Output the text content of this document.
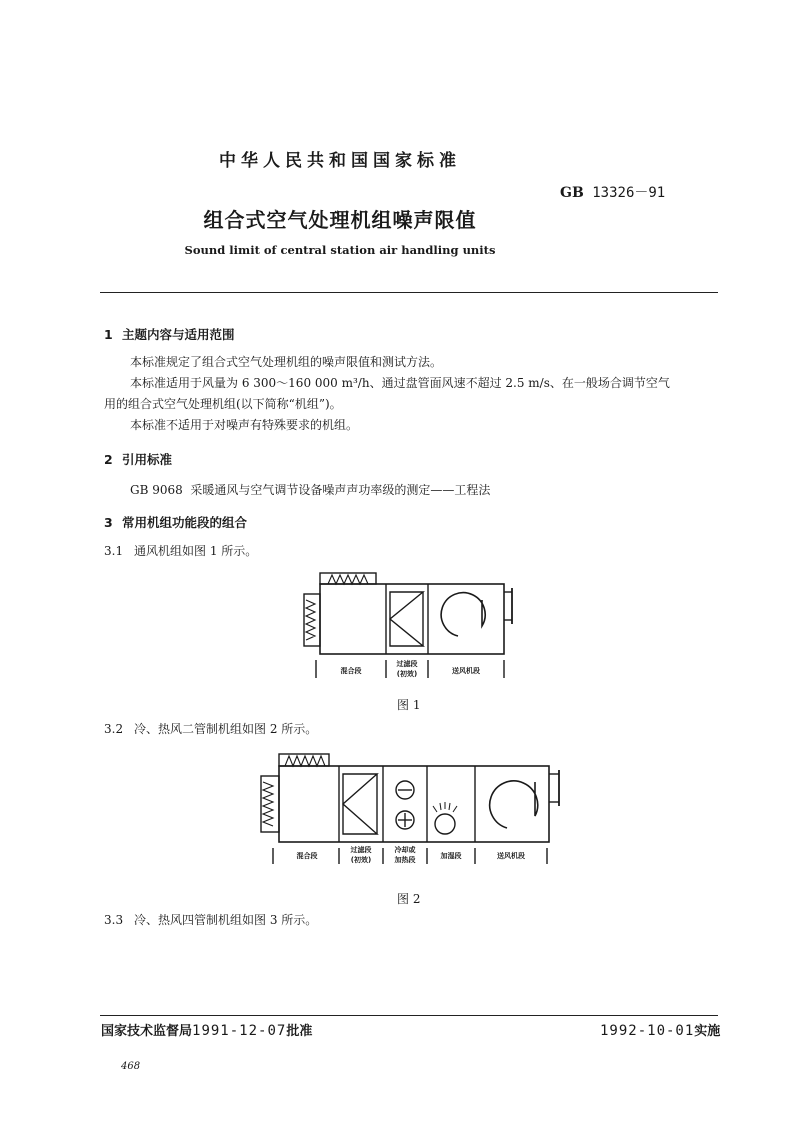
中华人民共和国国家标准
GB 13326－91
组合式空气处理机组噪声限值
Sound limit of central station air handling units
1 主题内容与适用范围
本标准规定了组合式空气处理机组的噪声限值和测试方法。
本标准适用于风量为 6 300～160 000 m³/h、通过盘管面风速不超过 2.5 m/s、在一般场合调节空气
用的组合式空气处理机组(以下简称“机组”)。
本标准不适用于对噪声有特殊要求的机组。
2 引用标准
GB 9068 采暖通风与空气调节设备噪声声功率级的测定——工程法
3 常用机组功能段的组合
3.1 通风机组如图 1 所示。
混合段
过滤段
(初效)	送风机段
图 1
3.2 冷、热风二管制机组如图 2 所示。
混合段
过滤段
(初效)
冷却或
加热段	加湿段	送风机段
图 2
3.3 冷、热风四管制机组如图 3 所示。
国家技术监督局1991-12-07批准	1992-10-01实施
468
